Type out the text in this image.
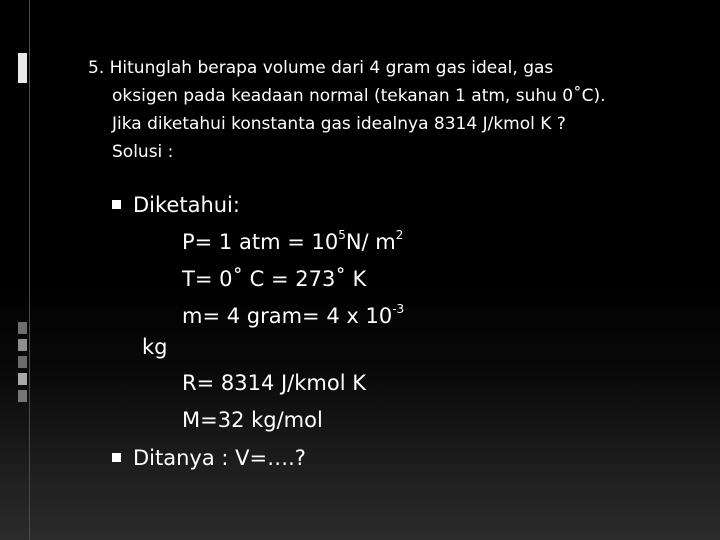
5. Hitunglah berapa volume dari 4 gram gas ideal, gas
oksigen pada keadaan normal (tekanan 1 atm, suhu 0˚C).
Jika diketahui konstanta gas idealnya 8314 J/kmol K ?
Solusi :
Diketahui:
P= 1 atm = $10^5N/$ $m^2$
T= 0˚ C = 273˚ K
m= 4 gram= 4 x $10^{-3}$
kg
R= 8314 J/kmol K
M=32 kg/mol
Ditanya : V=….?
